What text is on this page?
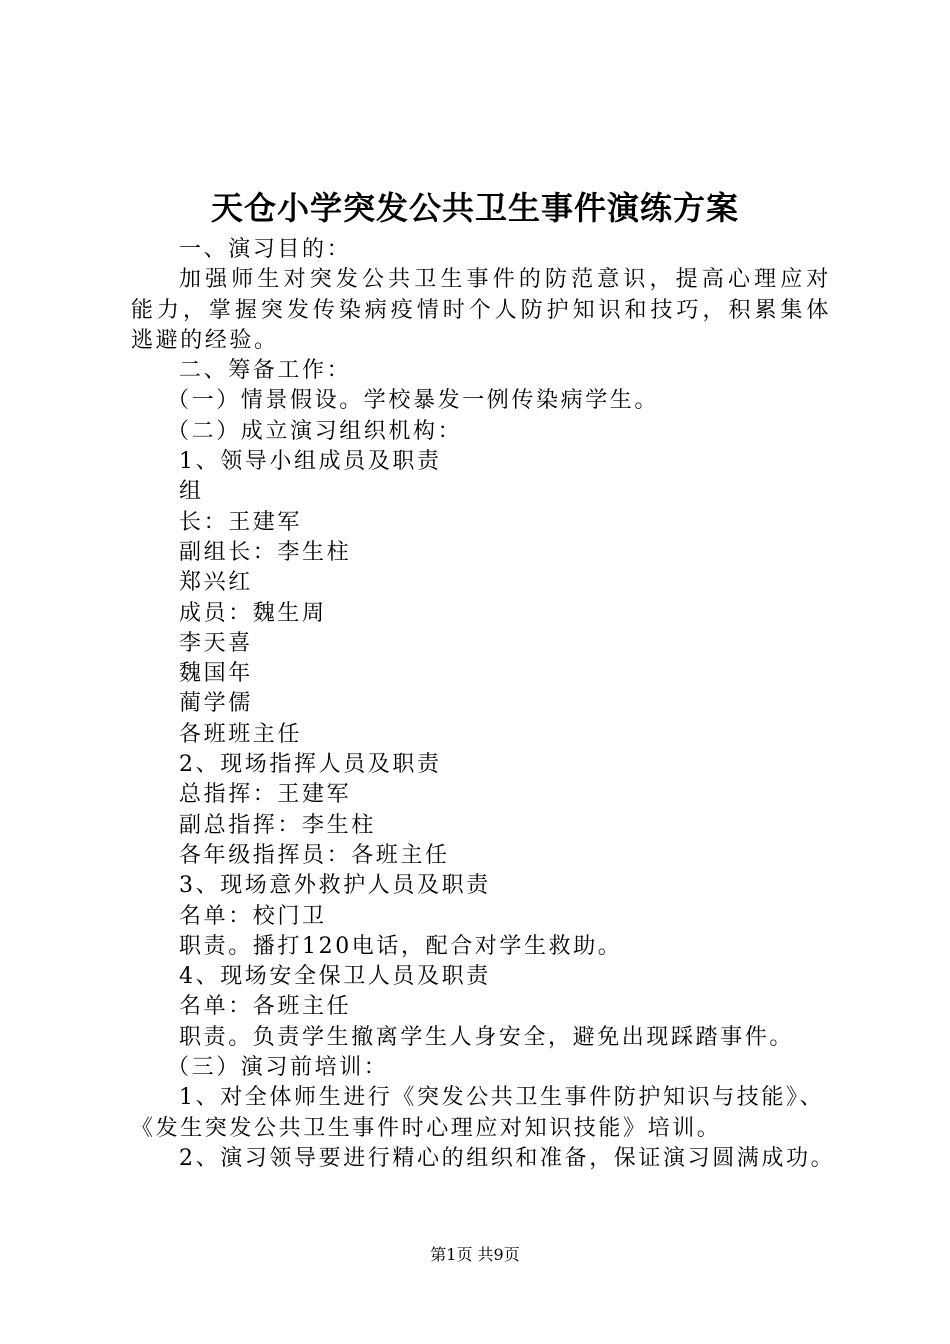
天仓小学突发公共卫生事件演练方案

一、演习目的：

加强师生对突发公共卫生事件的防范意识，提高心理应对

能力，掌握突发传染病疫情时个人防护知识和技巧，积累集体

逃避的经验。

二、筹备工作：

（一）情景假设。学校暴发一例传染病学生。

（二）成立演习组织机构：

1、领导小组成员及职责

组

长：王建军

副组长：李生柱

郑兴红

成员：魏生周

李天喜

魏国年

蔺学儒

各班班主任

2、现场指挥人员及职责

总指挥：王建军

副总指挥：李生柱

各年级指挥员：各班主任

3、现场意外救护人员及职责

名单：校门卫

职责。播打120电话，配合对学生救助。

4、现场安全保卫人员及职责

名单：各班主任

职责。负责学生撤离学生人身安全，避免出现踩踏事件。

（三）演习前培训：

1、对全体师生进行《突发公共卫生事件防护知识与技能》、

《发生突发公共卫生事件时心理应对知识技能》培训。

2、演习领导要进行精心的组织和准备，保证演习圆满成功。

第1页 共9页
